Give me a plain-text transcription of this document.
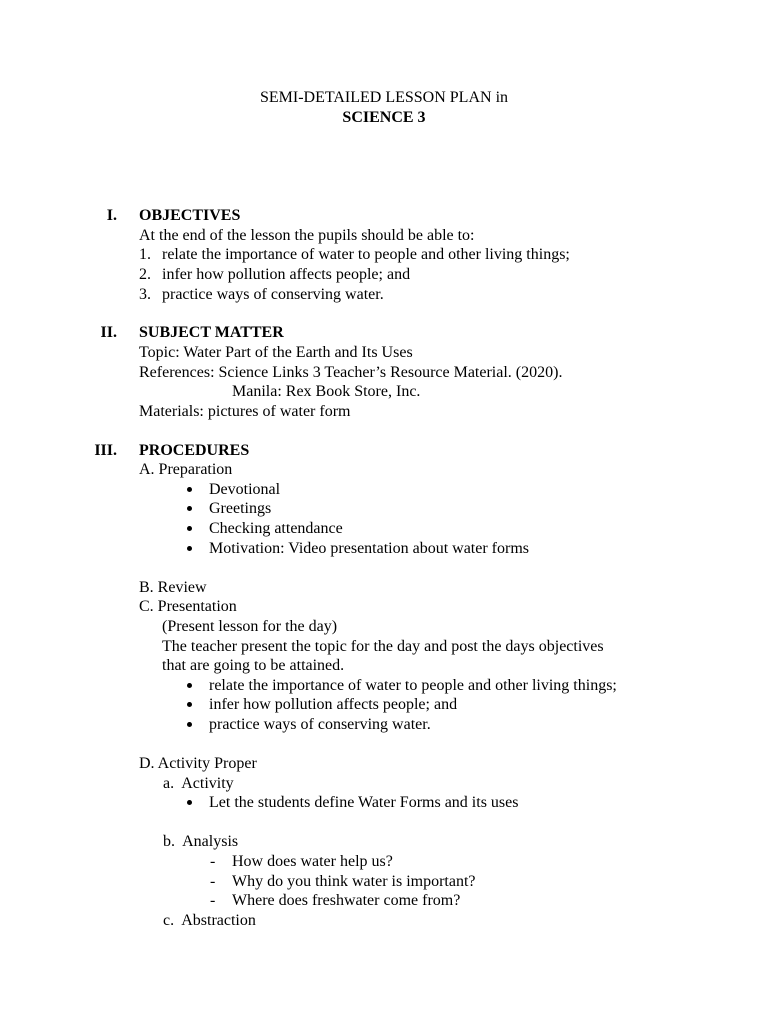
SEMI-DETAILED LESSON PLAN in
SCIENCE 3
I. OBJECTIVES
At the end of the lesson the pupils should be able to:
1. relate the importance of water to people and other living things;
2. infer how pollution affects people; and
3. practice ways of conserving water.
II. SUBJECT MATTER
Topic: Water Part of the Earth and Its Uses
References: Science Links 3 Teacher’s Resource Material. (2020).
Manila: Rex Book Store, Inc.
Materials: pictures of water form
III. PROCEDURES
A. Preparation
Devotional
Greetings
Checking attendance
Motivation: Video presentation about water forms
B. Review
C. Presentation
(Present lesson for the day)
The teacher present the topic for the day and post the days objectives
that are going to be attained.
relate the importance of water to people and other living things;
infer how pollution affects people; and
practice ways of conserving water.
D. Activity Proper
a.  Activity
Let the students define Water Forms and its uses
b.  Analysis
- How does water help us?
- Why do you think water is important?
- Where does freshwater come from?
c.  Abstraction
